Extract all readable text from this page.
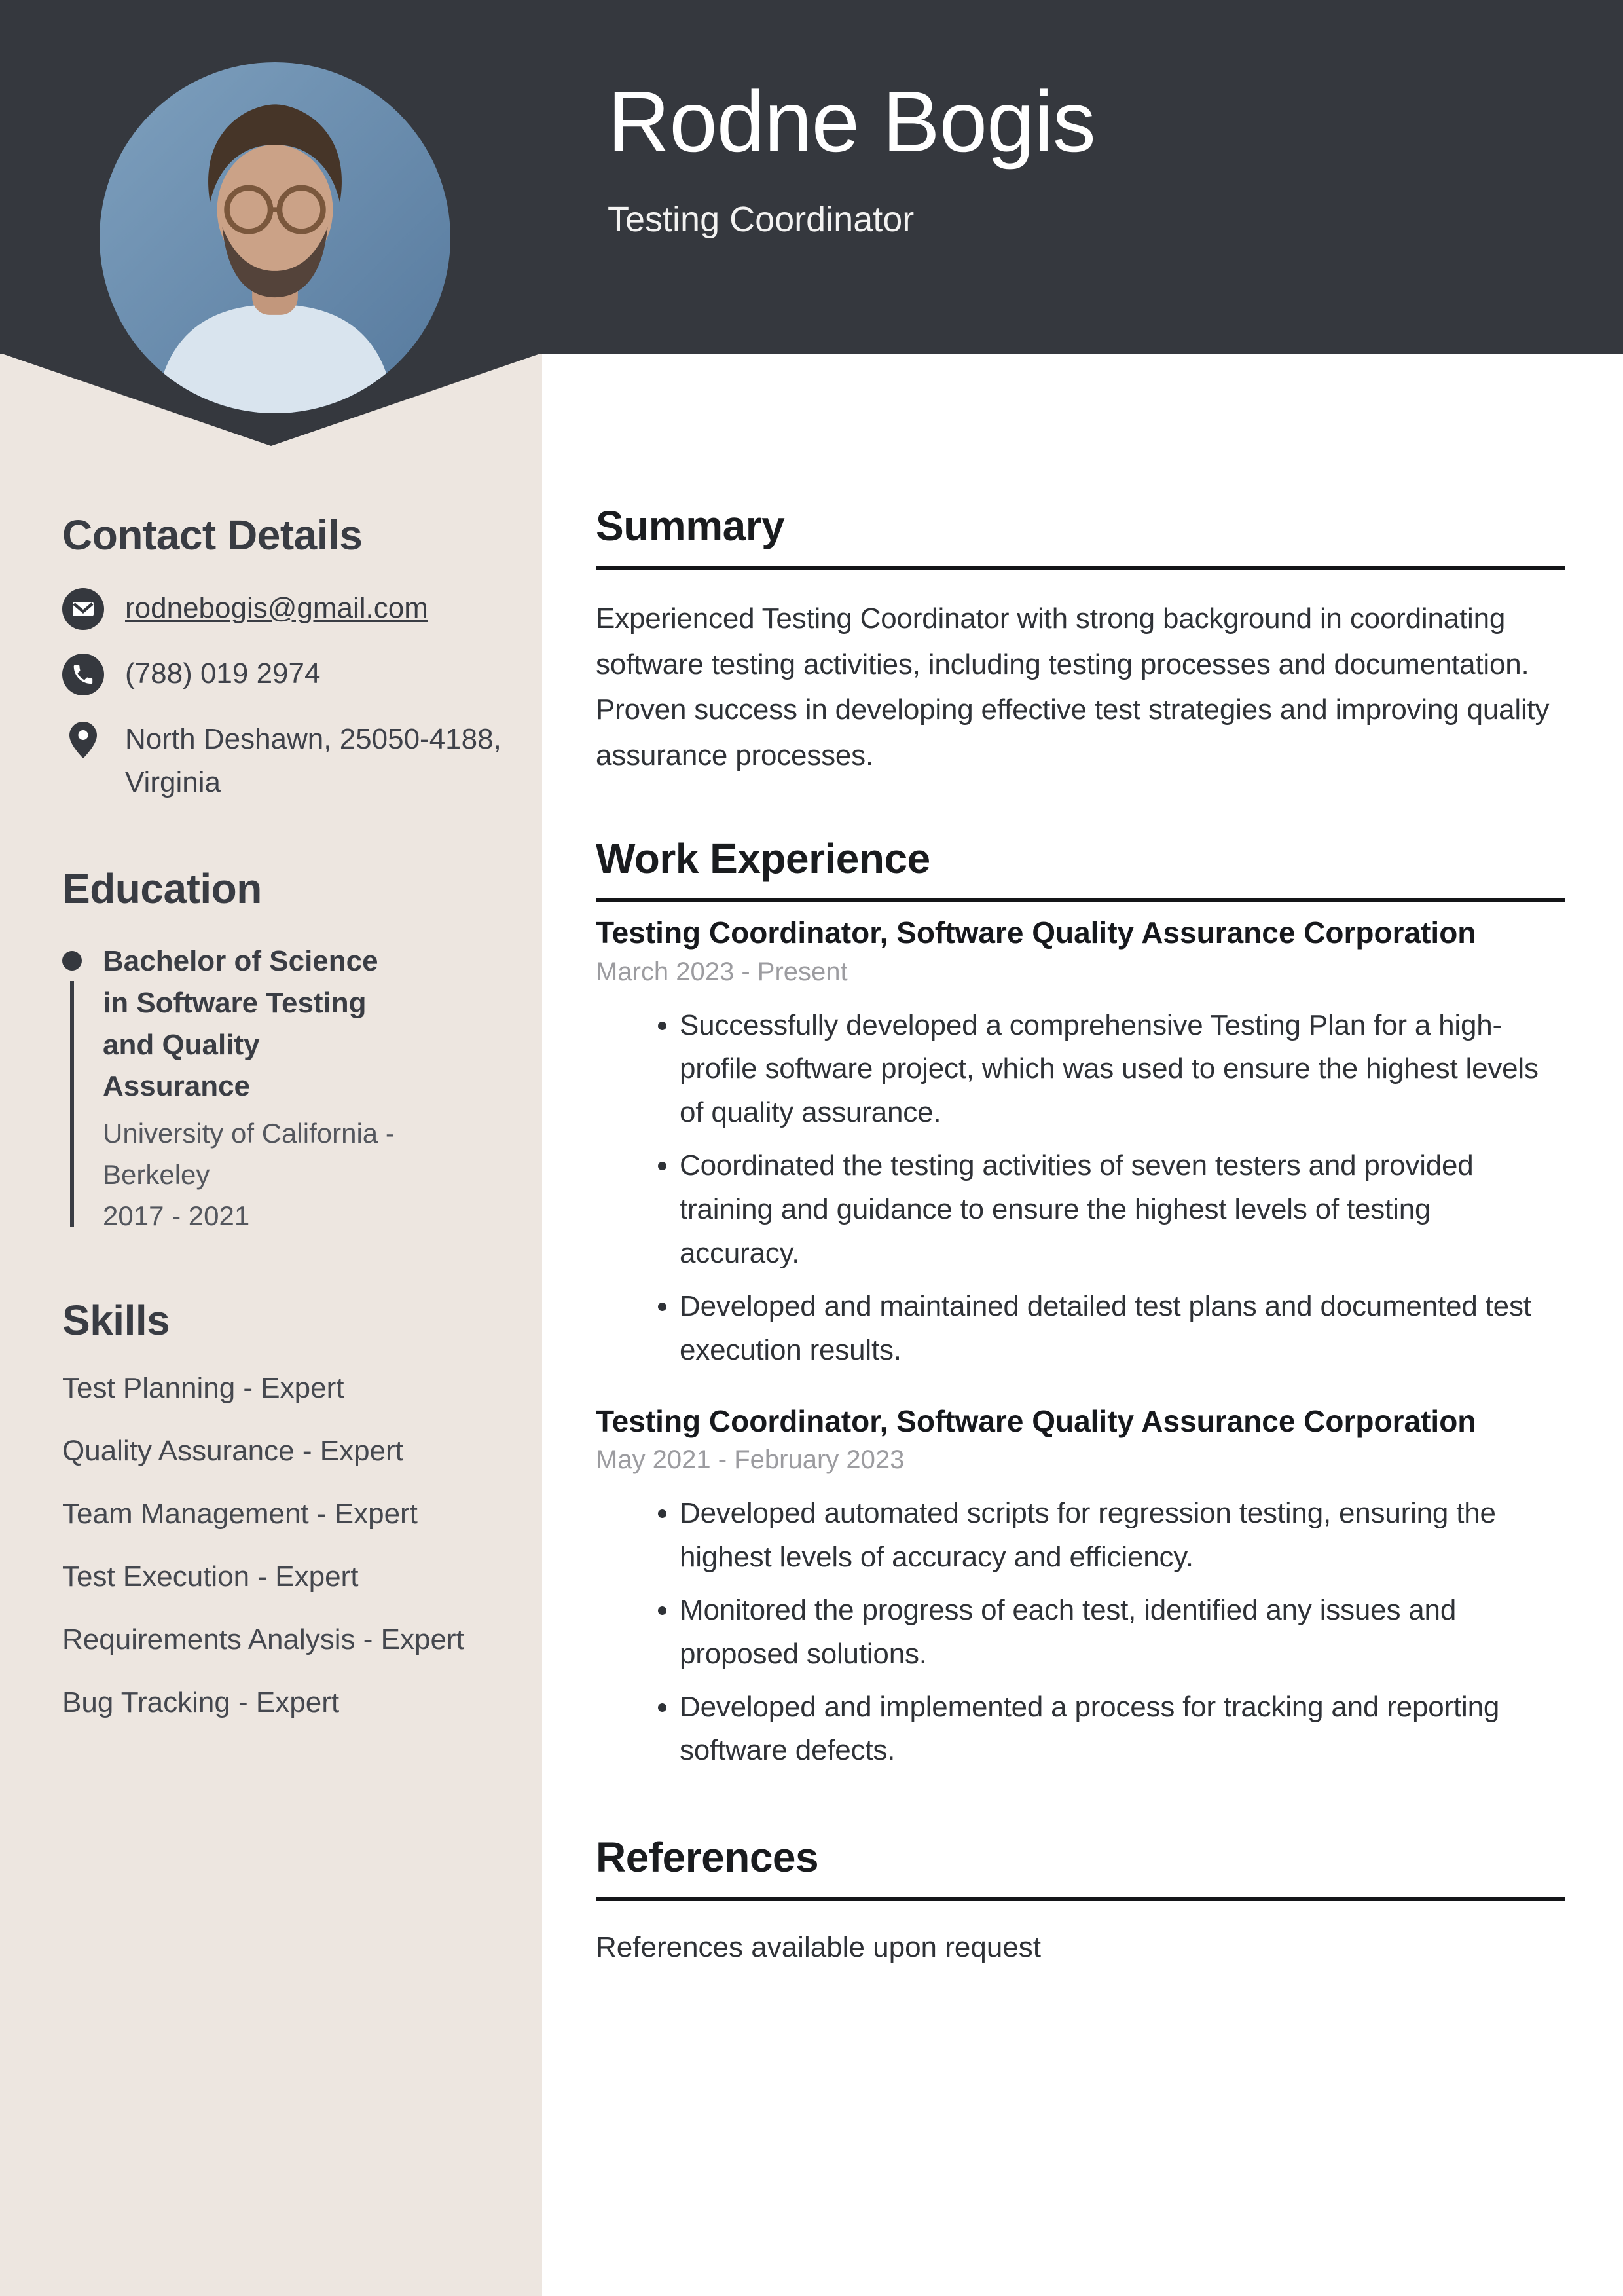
Rodne Bogis
Testing Coordinator
Contact Details
rodnebogis@gmail.com
(788) 019 2974
North Deshawn, 25050-4188,
Virginia
Education
Bachelor of Science in Software Testing and Quality Assurance
University of California - Berkeley
2017 - 2021
Skills
Test Planning - Expert
Quality Assurance - Expert
Team Management - Expert
Test Execution - Expert
Requirements Analysis - Expert
Bug Tracking - Expert
Summary

Experienced Testing Coordinator with strong background in coordinating software testing activities, including testing processes and documentation. Proven success in developing effective test strategies and improving quality assurance processes.

Work Experience
Testing Coordinator, Software Quality Assurance Corporation
March 2023 - Present
• Successfully developed a comprehensive Testing Plan for a high-profile software project, which was used to ensure the highest levels of quality assurance.
• Coordinated the testing activities of seven testers and provided training and guidance to ensure the highest levels of testing accuracy.
• Developed and maintained detailed test plans and documented test execution results.
Testing Coordinator, Software Quality Assurance Corporation
May 2021 - February 2023
• Developed automated scripts for regression testing, ensuring the highest levels of accuracy and efficiency.
• Monitored the progress of each test, identified any issues and proposed solutions.
• Developed and implemented a process for tracking and reporting software defects.
References

References available upon request
